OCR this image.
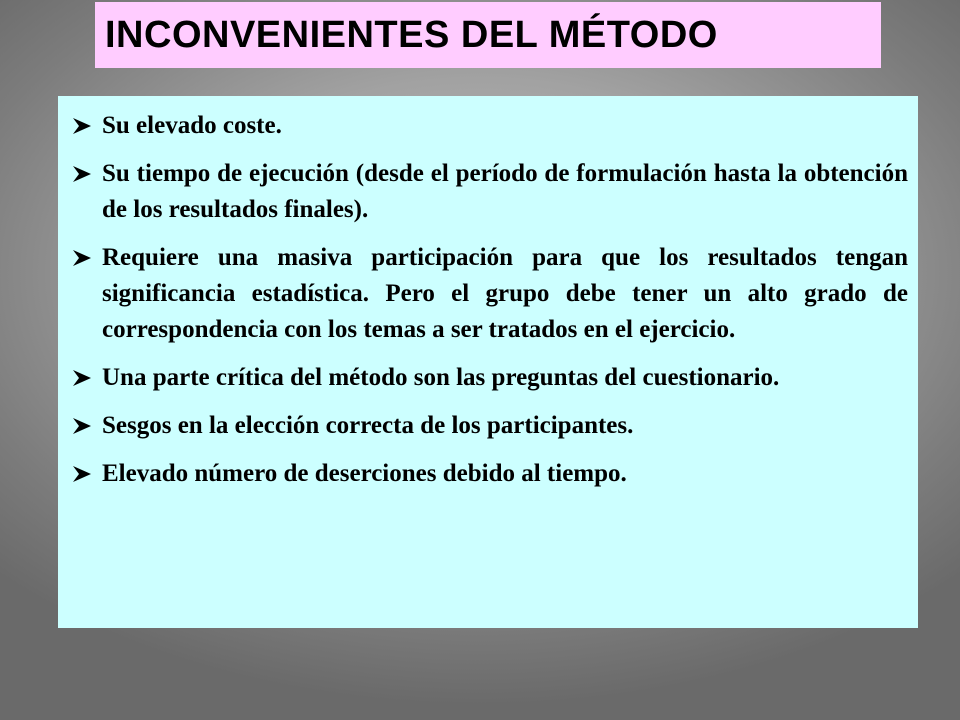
INCONVENIENTES DEL MÉTODO
Su elevado coste.
Su tiempo de ejecución (desde el período de formulación hasta la obtención de los resultados finales).
Requiere una masiva participación para que los resultados tengan significancia estadística. Pero el grupo debe tener un alto grado de correspondencia con los temas a ser tratados en el ejercicio.
Una parte crítica del método son las preguntas del cuestionario.
Sesgos en la elección correcta de los participantes.
Elevado número de deserciones debido al tiempo.
